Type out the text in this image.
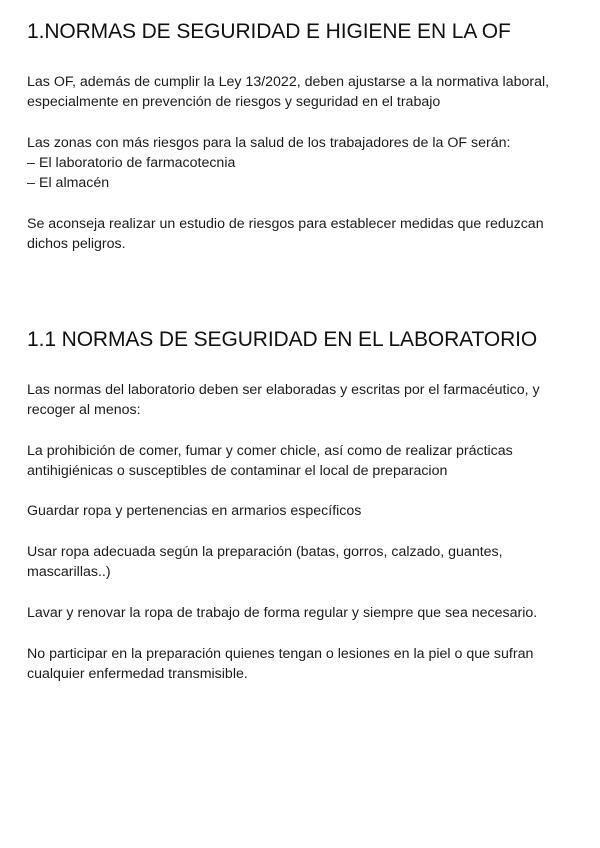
1.NORMAS DE SEGURIDAD E HIGIENE EN LA OF

Las OF, además de cumplir la Ley 13/2022, deben ajustarse a la normativa laboral, especialmente en prevención de riesgos y seguridad en el trabajo

Las zonas con más riesgos para la salud de los trabajadores de la OF serán:

– El laboratorio de farmacotecnia
– El almacén

Se aconseja realizar un estudio de riesgos para establecer medidas que reduzcan dichos peligros.

1.1 NORMAS DE SEGURIDAD EN EL LABORATORIO

Las normas del laboratorio deben ser elaboradas y escritas por el farmacéutico, y recoger al menos:

La prohibición de comer, fumar y comer chicle, así como de realizar prácticas antihigiénicas o susceptibles de contaminar el local de preparacion

Guardar ropa y pertenencias en armarios específicos

Usar ropa adecuada según la preparación (batas, gorros, calzado, guantes, mascarillas..)

Lavar y renovar la ropa de trabajo de forma regular y siempre que sea necesario.

No participar en la preparación quienes tengan o lesiones en la piel o que sufran cualquier enfermedad transmisible.
